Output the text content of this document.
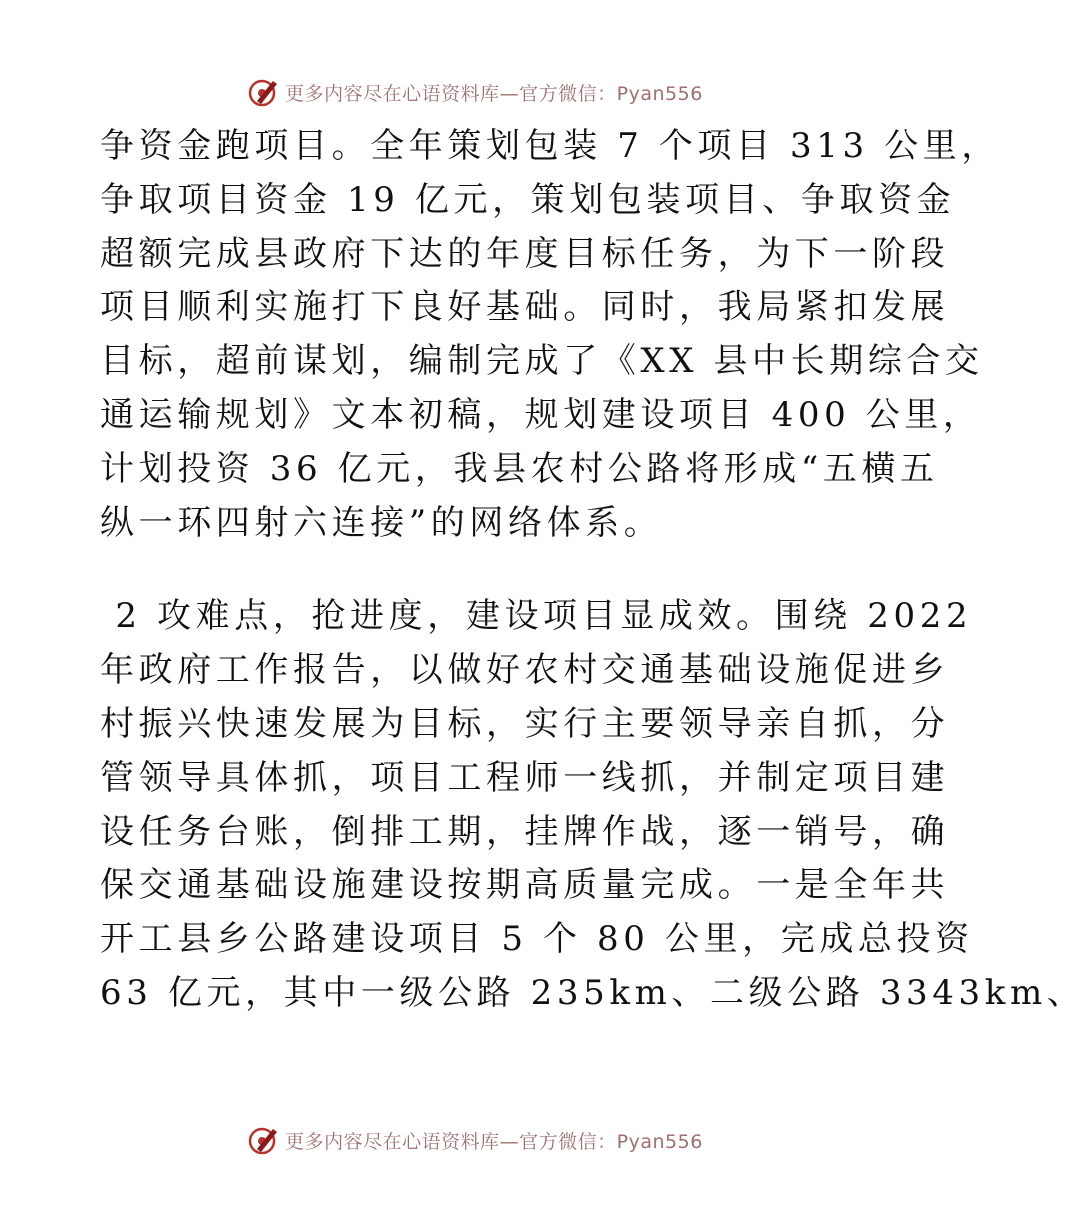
更多内容尽在心语资料库—官方微信：Pyan556
争资金跑项目。全年策划包装 7 个项目 313 公里，
争取项目资金 19 亿元，策划包装项目、争取资金
超额完成县政府下达的年度目标任务，为下一阶段
项目顺利实施打下良好基础。同时，我局紧扣发展
目标，超前谋划，编制完成了《XX 县中长期综合交
通运输规划》文本初稿，规划建设项目 400 公里，
计划投资 36 亿元，我县农村公路将形成“五横五
纵一环四射六连接”的网络体系。
2 攻难点，抢进度，建设项目显成效。围绕 2022
年政府工作报告，以做好农村交通基础设施促进乡
村振兴快速发展为目标，实行主要领导亲自抓，分
管领导具体抓，项目工程师一线抓，并制定项目建
设任务台账，倒排工期，挂牌作战，逐一销号，确
保交通基础设施建设按期高质量完成。一是全年共
开工县乡公路建设项目 5 个 80 公里，完成总投资
63 亿元，其中一级公路 235km、二级公路 3343km、
更多内容尽在心语资料库—官方微信：Pyan556
